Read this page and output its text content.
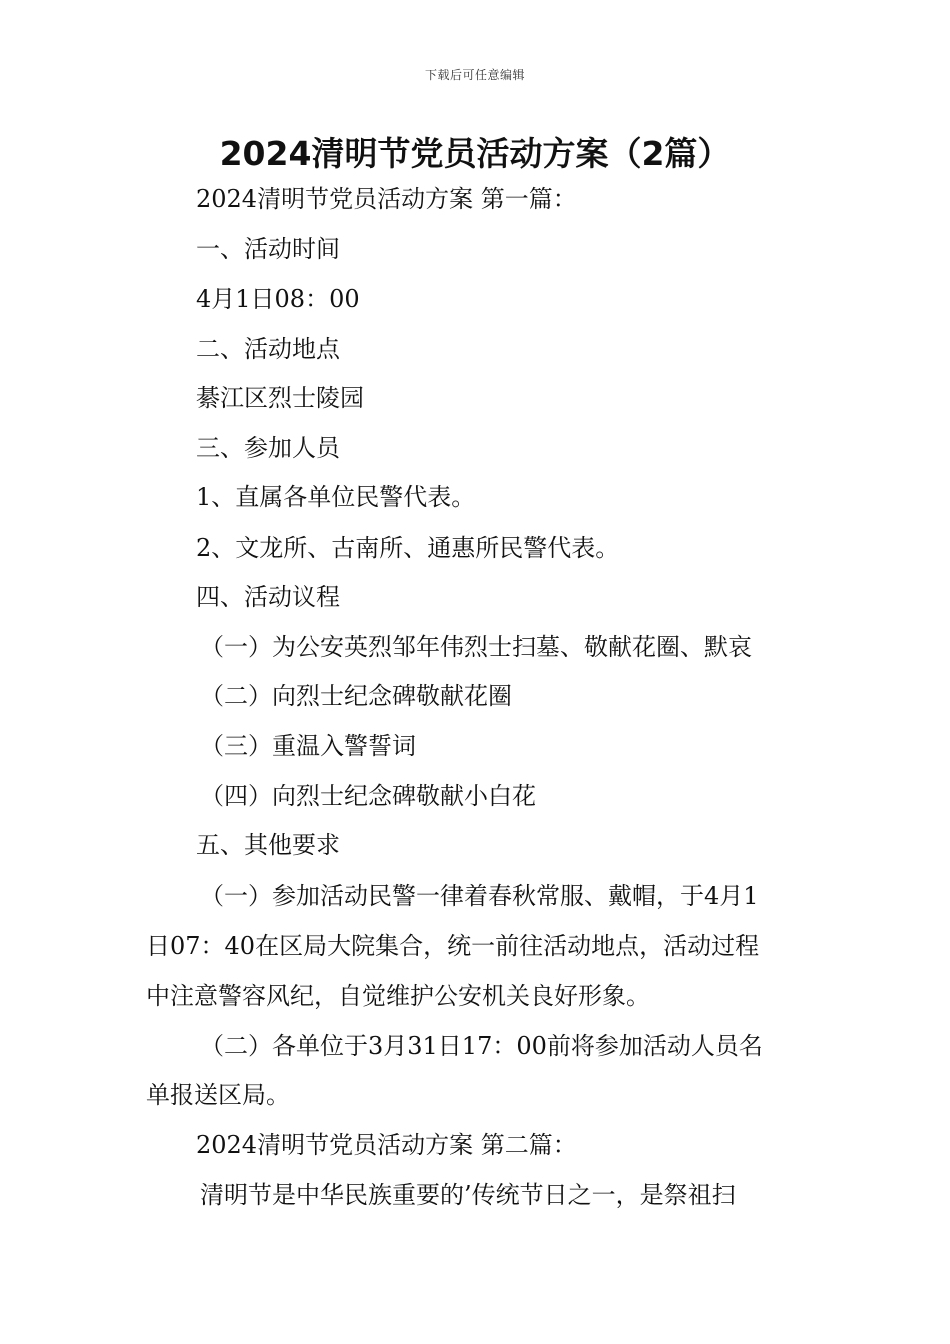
下载后可任意编辑
2024清明节党员活动方案（2篇）
2024清明节党员活动方案 第一篇：
一、活动时间
4月1日08：00
二、活动地点
綦江区烈士陵园
三、参加人员
1、直属各单位民警代表。
2、文龙所、古南所、通惠所民警代表。
四、活动议程
（一）为公安英烈邹年伟烈士扫墓、敬献花圈、默哀
（二）向烈士纪念碑敬献花圈
（三）重温入警誓词
（四）向烈士纪念碑敬献小白花
五、其他要求
（一）参加活动民警一律着春秋常服、戴帽，于4月1
日07：40在区局大院集合，统一前往活动地点，活动过程
中注意警容风纪，自觉维护公安机关良好形象。
（二）各单位于3月31日17：00前将参加活动人员名
单报送区局。
2024清明节党员活动方案 第二篇：
清明节是中华民族重要的’传统节日之一，是祭祖扫
